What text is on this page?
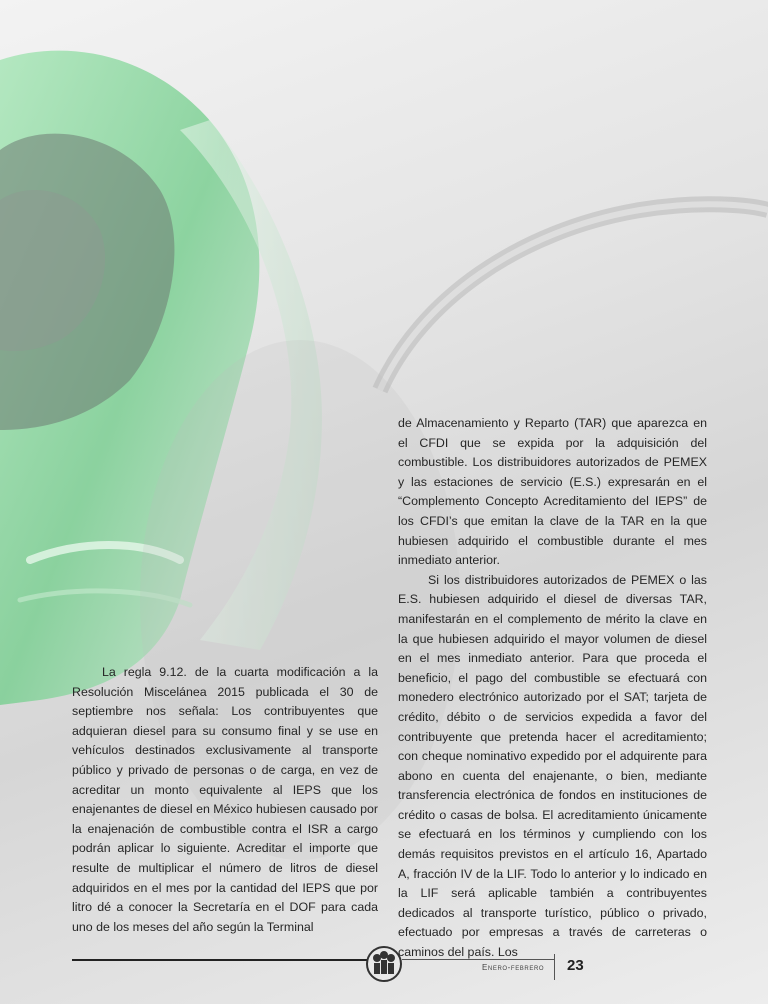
La regla 9.12. de la cuarta modificación a la Resolución Miscelánea 2015 publicada el 30 de septiembre nos señala: Los contribuyentes que adquieran diesel para su consumo final y se use en vehículos destinados exclusivamente al transporte público y privado de personas o de carga, en vez de acreditar un monto equivalente al IEPS que los enajenantes de diesel en México hubiesen causado por la enajenación de combustible contra el ISR a cargo podrán aplicar lo siguiente. Acreditar el importe que resulte de multiplicar el número de litros de diesel adquiridos en el mes por la cantidad del IEPS que por litro dé a conocer la Secretaría en el DOF para cada uno de los meses del año según la Terminal

de Almacenamiento y Reparto (TAR) que aparezca en el CFDI que se expida por la adquisición del combustible. Los distribuidores autorizados de PEMEX y las estaciones de servicio (E.S.) expresarán en el “Complemento Concepto Acreditamiento del IEPS” de los CFDI’s que emitan la clave de la TAR en la que hubiesen adquirido el combustible durante el mes inmediato anterior.

Si los distribuidores autorizados de PEMEX o las E.S. hubiesen adquirido el diesel de diversas TAR, manifestarán en el complemento de mérito la clave en la que hubiesen adquirido el mayor volumen de diesel en el mes inmediato anterior. Para que proceda el beneficio, el pago del combustible se efectuará con monedero electrónico autorizado por el SAT; tarjeta de crédito, débito o de servicios expedida a favor del contribuyente que pretenda hacer el acreditamiento; con cheque nominativo expedido por el adquirente para abono en cuenta del enajenante, o bien, mediante transferencia electrónica de fondos en instituciones de crédito o casas de bolsa. El acreditamiento únicamente se efectuará en los términos y cumpliendo con los demás requisitos previstos en el artículo 16, Apartado A, fracción IV de la LIF. Todo lo anterior y lo indicado en la LIF será aplicable también a contribuyentes dedicados al transporte turístico, público o privado, efectuado por empresas a través de carreteras o caminos del país. Los

Enero-febrero 23
